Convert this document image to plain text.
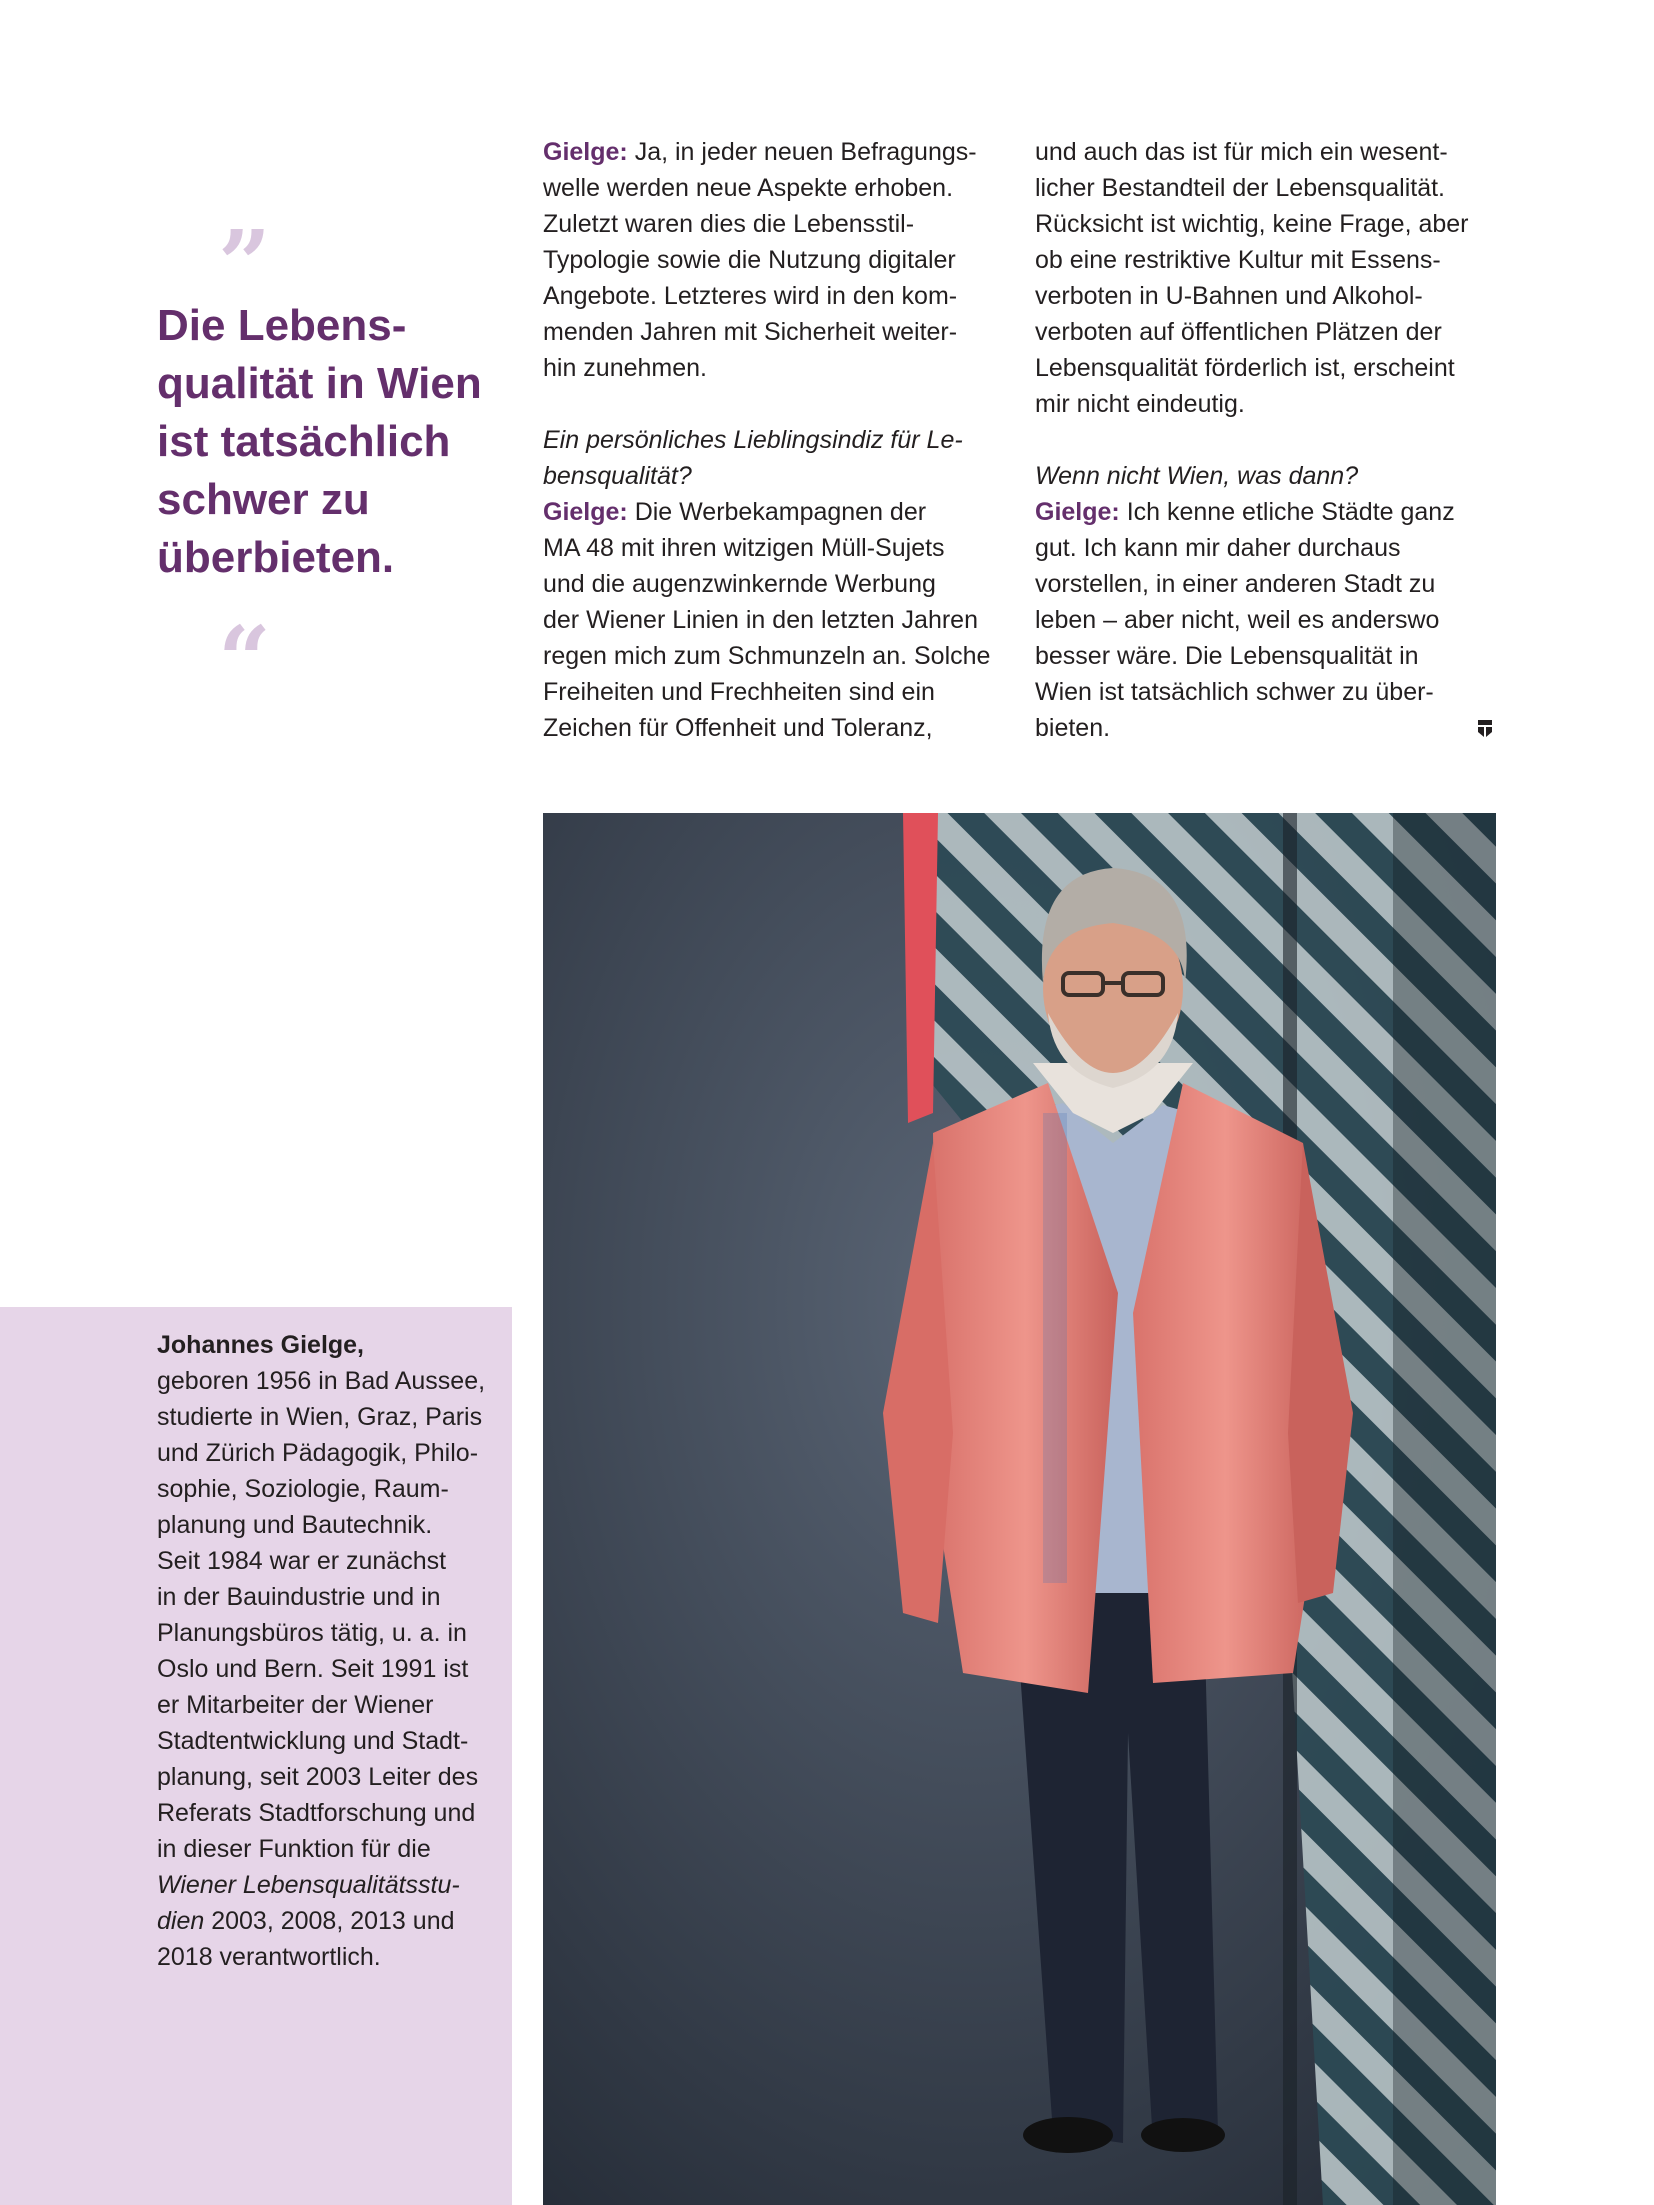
”
Die Lebens-
qualität in Wien
ist tatsächlich
schwer zu
überbieten.
“

Gielge: Ja, in jeder neuen Befragungs-

welle werden neue Aspekte erhoben.

Zuletzt waren dies die Lebensstil-

Typologie sowie die Nutzung digitaler

Angebote. Letzteres wird in den kom-

menden Jahren mit Sicherheit weiter-

hin zunehmen.

Ein persönliches Lieblingsindiz für Le-

bensqualität?

Gielge: Die Werbekampagnen der

MA 48 mit ihren witzigen Müll-Sujets

und die augenzwinkernde Werbung

der Wiener Linien in den letzten Jahren

regen mich zum Schmunzeln an. Solche

Freiheiten und Frechheiten sind ein

Zeichen für Offenheit und Toleranz,

und auch das ist für mich ein wesent-

licher Bestandteil der Lebensqualität.

Rücksicht ist wichtig, keine Frage, aber

ob eine restriktive Kultur mit Essens-

verboten in U-Bahnen und Alkohol-

verboten auf öffentlichen Plätzen der

Lebensqualität förderlich ist, erscheint

mir nicht eindeutig.

Wenn nicht Wien, was dann?

Gielge: Ich kenne etliche Städte ganz

gut. Ich kann mir daher durchaus

vorstellen, in einer anderen Stadt zu

leben – aber nicht, weil es anderswo

besser wäre. Die Lebensqualität in

Wien ist tatsächlich schwer zu über-

bieten.

Johannes Gielge,

geboren 1956 in Bad Aussee,

studierte in Wien, Graz, Paris

und Zürich Pädagogik, Philo-

sophie, Soziologie, Raum-

planung und Bautechnik.

Seit 1984 war er zunächst

in der Bauindustrie und in

Planungsbüros tätig, u. a. in

Oslo und Bern. Seit 1991 ist

er Mitarbeiter der Wiener

Stadtentwicklung und Stadt-

planung, seit 2003 Leiter des

Referats Stadtforschung und

in dieser Funktion für die

Wiener Lebensqualitätsstu-

dien 2003, 2008, 2013 und

2018 verantwortlich.
